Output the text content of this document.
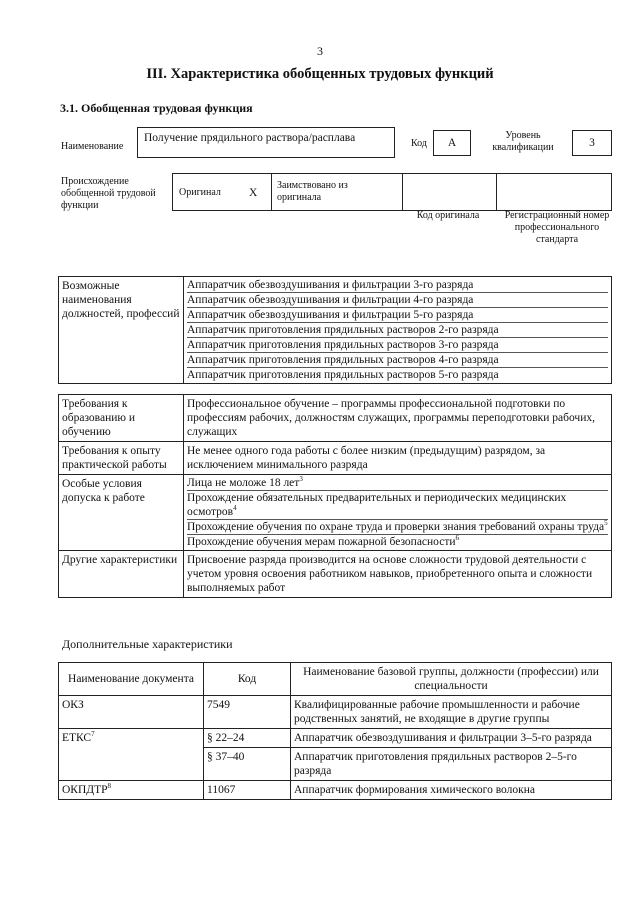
3
III. Характеристика обобщенных трудовых функций
3.1. Обобщенная трудовая функция
Наименование
Получение прядильного раствора/расплава	Код	A
Уровень квалификации	3
Происхождение обобщенной трудовой функции
Оригинал X
Заимствовано из оригинала
Код оригинала	Регистрационный номер профессионального стандарта
Возможные наименования должностей, профессий	
Аппаратчик обезвоздушивания и фильтрации 3-го разряда
Аппаратчик обезвоздушивания и фильтрации 4-го разряда
Аппаратчик обезвоздушивания и фильтрации 5-го разряда
Аппаратчик приготовления прядильных растворов 2-го разряда
Аппаратчик приготовления прядильных растворов 3-го разряда
Аппаратчик приготовления прядильных растворов 4-го разряда
Аппаратчик приготовления прядильных растворов 5-го разряда
Требования к образованию и обучению	Профессиональное обучение – программы профессиональной подготовки по профессиям рабочих, должностям служащих, программы переподготовки рабочих, служащих
Требования к опыту практической работы	Не менее одного года работы с более низким (предыдущим) разрядом, за исключением минимального разряда
Особые условия допуска к работе	Лица не моложе 18 лет$^3$
Прохождение обязательных предварительных и периодических медицинских осмотров$^4$
Прохождение обучения по охране труда и проверки знания требований охраны труда$^5$
Прохождение обучения мерам пожарной безопасности$^6$

Другие характеристики	Присвоение разряда производится на основе сложности трудовой деятельности с учетом уровня освоения работником навыков, приобретенного опыта и сложности выполняемых работ
Дополнительные характеристики
Наименование документа	Код	Наименование базовой группы, должности (профессии) или специальности
ОКЗ	7549	Квалифицированные рабочие промышленности и рабочие родственных занятий, не входящие в другие группы
ЕТКС$^7$	§ 22–24	Аппаратчик обезвоздушивания и фильтрации 3–5-го разряда
	§ 37–40	Аппаратчик приготовления прядильных растворов 2–5-го разряда
ОКПДТР$^8$	11067	Аппаратчик формирования химического волокна
